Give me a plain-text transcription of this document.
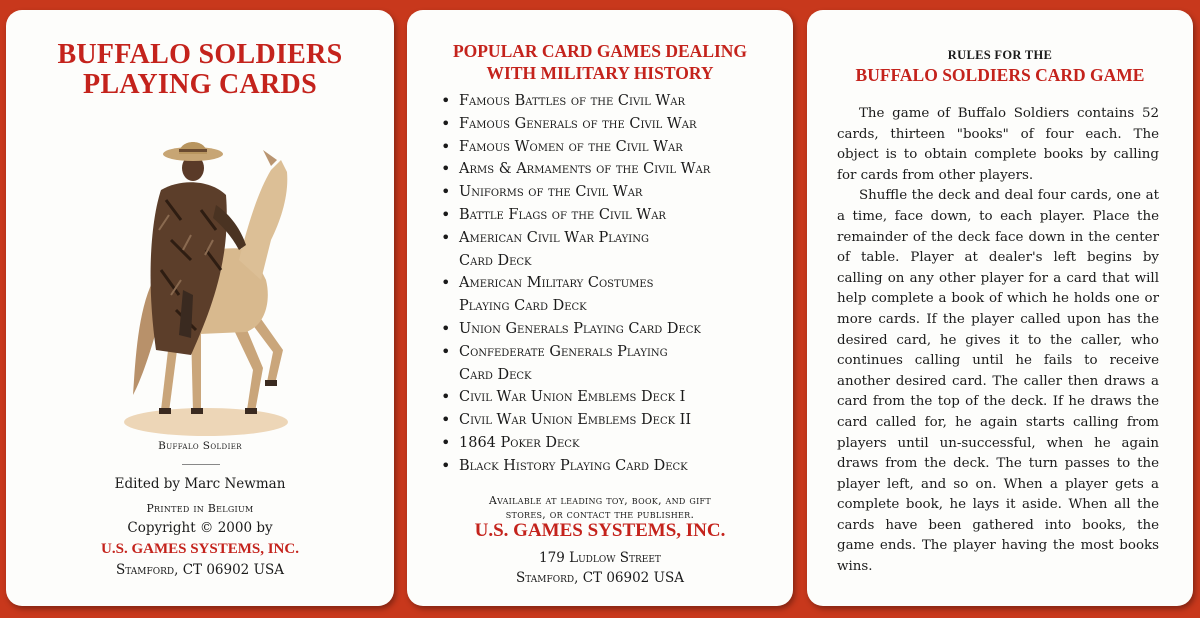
BUFFALO SOLDIERS
PLAYING CARDS
Buffalo Soldier
Edited by Marc Newman
Printed in Belgium
Copyright © 2000 by
U.S. GAMES SYSTEMS, INC.
Stamford, CT 06902 USA
POPULAR CARD GAMES DEALING
WITH MILITARY HISTORY
• Famous Battles of the Civil War
• Famous Generals of the Civil War
• Famous Women of the Civil War
• Arms & Armaments of the Civil War
• Uniforms of the Civil War
• Battle Flags of the Civil War
• American Civil War Playing
Card Deck
• American Military Costumes
Playing Card Deck
• Union Generals Playing Card Deck
• Confederate Generals Playing
Card Deck
• Civil War Union Emblems Deck I
• Civil War Union Emblems Deck II
• 1864 Poker Deck
• Black History Playing Card Deck
Available at leading toy, book, and gift
stores, or contact the publisher.
U.S. GAMES SYSTEMS, INC.
179 Ludlow Street
Stamford, CT 06902 USA
RULES FOR THE
BUFFALO SOLDIERS CARD GAME

The game of Buffalo Soldiers contains 52 cards, thirteen "books" of four each. The object is to obtain complete books by calling for cards from other players.

Shuffle the deck and deal four cards, one at a time, face down, to each player. Place the remainder of the deck face down in the center of table. Player at dealer's left begins by calling on any other player for a card that will help complete a book of which he holds one or more cards. If the player called upon has the desired card, he gives it to the caller, who continues calling until he fails to receive another desired card. The caller then draws a card from the top of the deck. If he draws the card called for, he again starts calling from players until un-successful, when he again draws from the deck. The turn passes to the player left, and so on. When a player gets a complete book, he lays it aside. When all the cards have been gathered into books, the game ends. The player having the most books wins.
